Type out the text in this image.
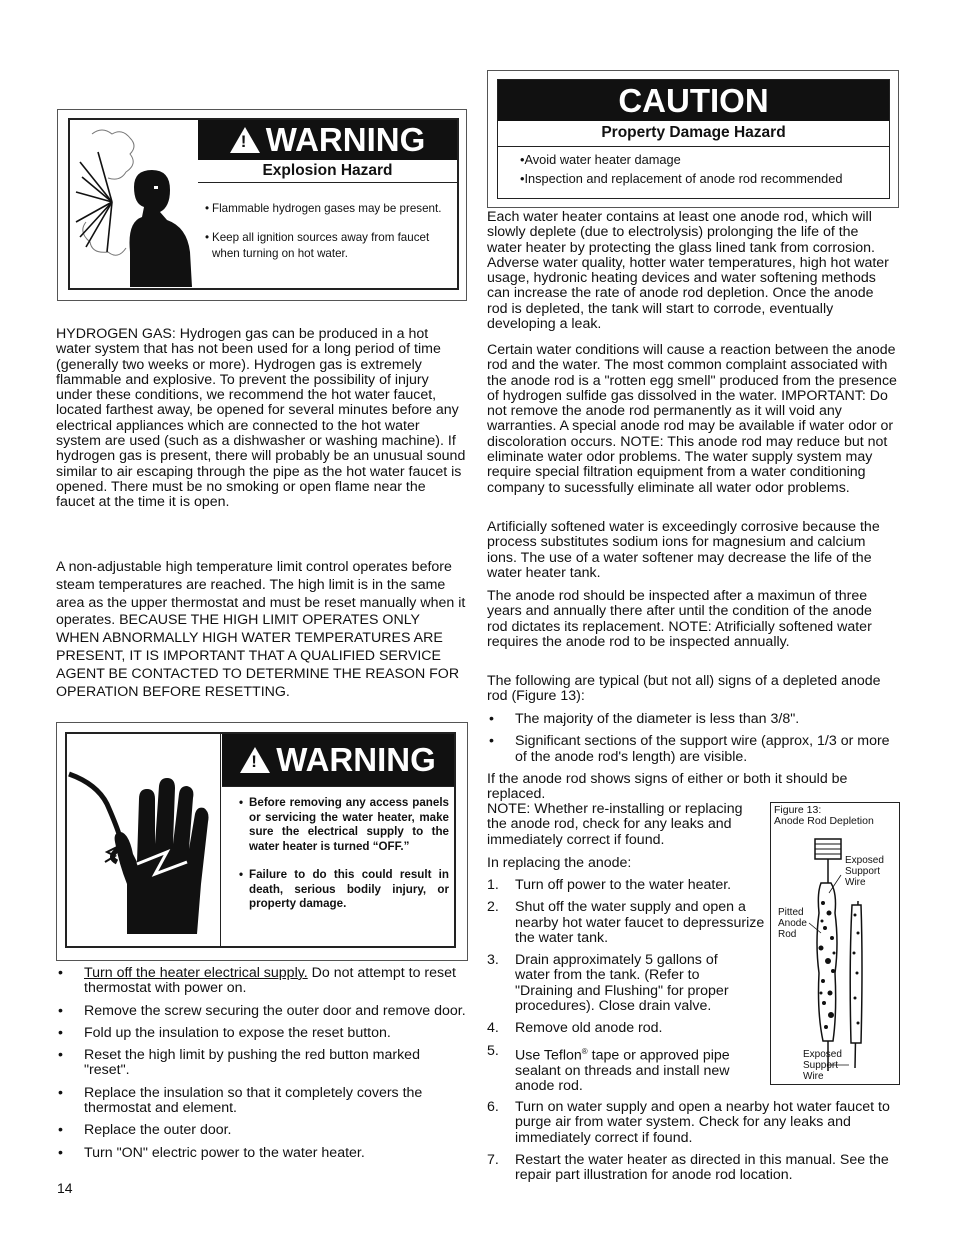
! WARNING
Explosion Hazard
• Flammable hydrogen gases may be present.
• Keep all ignition sources away from faucet when turning on hot water.
CAUTION
Property Damage Hazard
•Avoid water heater damage
•Inspection and replacement of anode rod recommended

HYDROGEN GAS: Hydrogen gas can be produced in a hot water system that has not been used for a long period of time (generally two weeks or more). Hydrogen gas is extremely flammable and explosive. To prevent the possibility of injury under these conditions, we recommend the hot water faucet, located farthest away, be opened for several minutes before any electrical appliances which are connected to the hot water system are used (such as a dishwasher or washing machine). If hydrogen gas is present, there will probably be an unusual sound similar to air escaping through the pipe as the hot water faucet is opened. There must be no smoking or open flame near the faucet at the time it is open.

A non-adjustable high temperature limit control operates before steam temperatures are reached. The high limit is in the same area as the upper thermostat and must be reset manually when it operates. BECAUSE THE HIGH LIMIT OPERATES ONLY WHEN ABNORMALLY HIGH WATER TEMPERATURES ARE PRESENT, IT IS IMPORTANT THAT A QUALIFIED SERVICE AGENT BE CONTACTED TO DETERMINE THE REASON FOR OPERATION BEFORE RESETTING.

! WARNING
• Before removing any access panels or servicing the water heater, make sure the electrical supply to the water heater is turned “OFF.”
• Failure to do this could result in death, serious bodily injury, or property damage.
• Turn off the heater electrical supply. Do not attempt to reset thermostat with power on.
• Remove the screw securing the outer door and remove door.
• Fold up the insulation to expose the reset button.
• Reset the high limit by pushing the red button marked "reset".
• Replace the insulation so that it completely covers the thermostat and element.
• Replace the outer door.
• Turn "ON" electric power to the water heater.
14

Each water heater contains at least one anode rod, which will slowly deplete (due to electrolysis) prolonging the life of the water heater by protecting the glass lined tank from corrosion. Adverse water quality, hotter water temperatures, high hot water usage, hydronic heating devices and water softening methods can increase the rate of anode rod depletion. Once the anode rod is depleted, the tank will start to corrode, eventually developing a leak.

Certain water conditions will cause a reaction between the anode rod and the water. The most common complaint associated with the anode rod is a "rotten egg smell" produced from the presence of hydrogen sulfide gas dissolved in the water. IMPORTANT: Do not remove the anode rod permanently as it will void any warranties. A special anode rod may be available if water odor or discoloration occurs. NOTE: This anode rod may reduce but not eliminate water odor problems. The water supply system may require special filtration equipment from a water conditioning company to sucessfully eliminate all water odor problems.

Artificially softened water is exceedingly corrosive because the process substitutes sodium ions for magnesium and calcium ions. The use of a water softener may decrease the life of the water heater tank.

The anode rod should be inspected after a maximun of three years and annually there after until the condition of the anode rod dictates its replacement. NOTE: Atrificially softened water requires the anode rod to be inspected annually.

The following are typical (but not all) signs of a depleted anode rod (Figure 13):

• The majority of the diameter is less than 3/8".
• Significant sections of the support wire (approx, 1/3 or more of the anode rod's length) are visible.

If the anode rod shows signs of either or both it should be replaced.

NOTE: Whether re-installing or replacing the anode rod, check for any leaks and immediately correct if found.

In replacing the anode:

1. Turn off power to the water heater.
2. Shut off the water supply and open a nearby hot water faucet to depressurize the water tank.
3. Drain approximately 5 gallons of water from the tank. (Refer to "Draining and Flushing" for proper procedures). Close drain valve.
4. Remove old anode rod.
5. Use Teflon® tape or approved pipe sealant on threads and install new anode rod.
6. Turn on water supply and open a nearby hot water faucet to purge air from water system. Check for any leaks and immediately correct if found.
7. Restart the water heater as directed in this manual. See the repair part illustration for anode rod location.
Figure 13:
Anode Rod Depletion
Exposed
Support
Wire
Pitted
Anode
Rod
Exposed
Support
Wire
